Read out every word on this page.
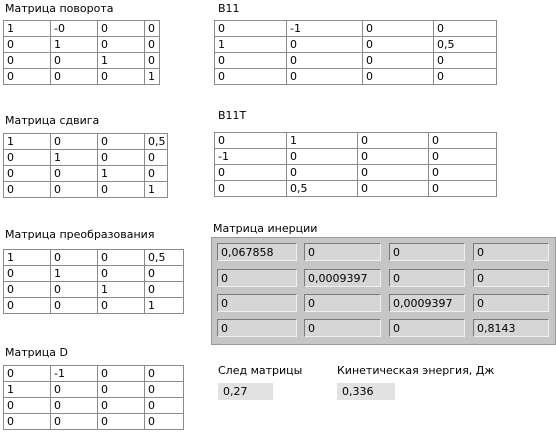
Матрица поворота
1	-0	0	0
0	1	0	0
0	0	1	0
0	0	0	1
B11
0	-1	0	0
1	0	0	0,5
0	0	0	0
0	0	0	0
Матрица сдвига
1	0	0	0,5
0	1	0	0
0	0	1	0
0	0	0	1
B11T
0	1	0	0
-1	0	0	0
0	0	0	0
0	0,5	0	0
Матрица преобразования
1	0	0	0,5
0	1	0	0
0	0	1	0
0	0	0	1
Матрица инерции
0,067858	0	0	0
0	0,0009397	0	0
0	0	0,0009397	0
0	0	0	0,8143
Матрица D
0	-1	0	0
1	0	0	0
0	0	0	0
0	0	0	0
След матрицы
0,27
Кинетическая энергия, Дж
0,336
